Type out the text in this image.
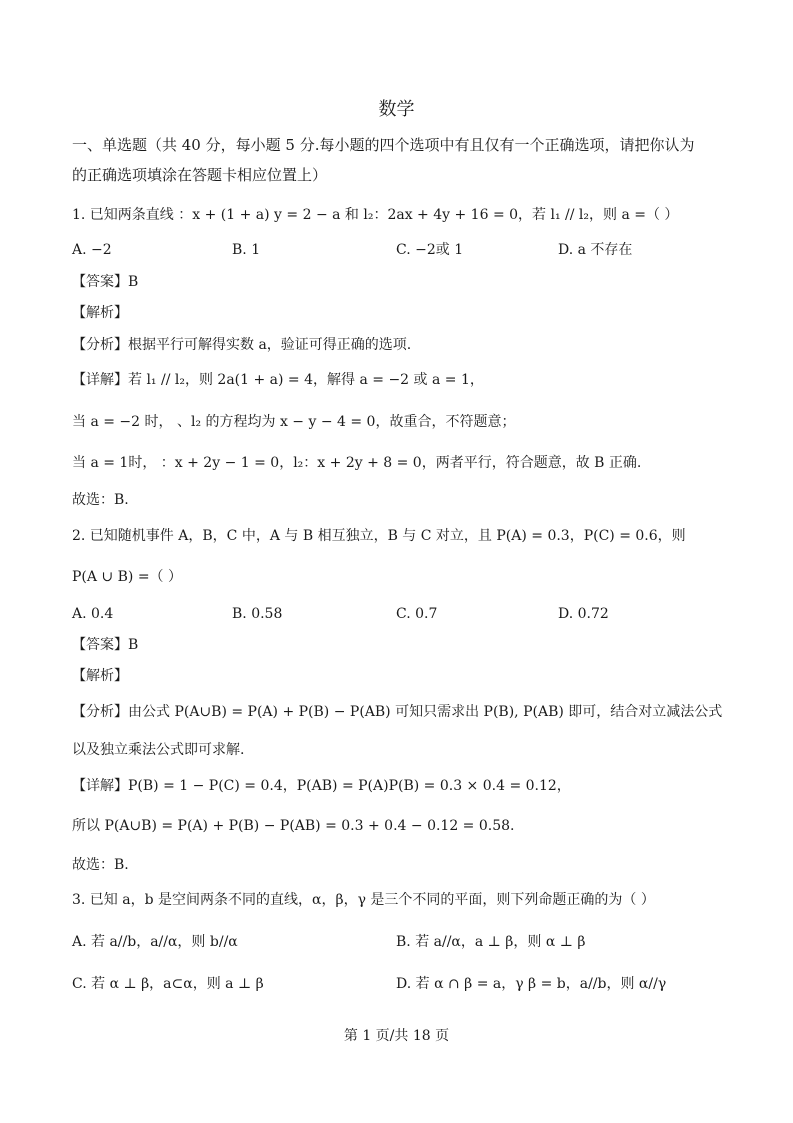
数学
一、单选题（共 40 分，每小题 5 分.每小题的四个选项中有且仅有一个正确选项，请把你认为
的正确选项填涂在答题卡相应位置上）
1. 已知两条直线 ：x + (1 + a) y = 2 − a 和 l₂：2ax + 4y + 16 = 0，若 l₁ // l₂，则 a =（ ）
A. −2	B. 1	C. −2或 1	D. a 不存在
【答案】B
【解析】
【分析】根据平行可解得实数 a，验证可得正确的选项.
【详解】若 l₁ // l₂，则 2a(1 + a) = 4，解得 a = −2 或 a = 1，
当 a = −2 时， 、l₂ 的方程均为 x − y − 4 = 0，故重合，不符题意；
当 a = 1时， ：x + 2y − 1 = 0，l₂：x + 2y + 8 = 0，两者平行，符合题意，故 B 正确.
故选：B.
2. 已知随机事件 A，B，C 中，A 与 B 相互独立，B 与 C 对立，且 P(A) = 0.3，P(C) = 0.6，则
P(A ∪ B) =（ ）
A. 0.4	B. 0.58	C. 0.7	D. 0.72
【答案】B
【解析】
【分析】由公式 P(A∪B) = P(A) + P(B) − P(AB) 可知只需求出 P(B), P(AB) 即可，结合对立减法公式
以及独立乘法公式即可求解.
【详解】P(B) = 1 − P(C) = 0.4，P(AB) = P(A)P(B) = 0.3 × 0.4 = 0.12，
所以 P(A∪B) = P(A) + P(B) − P(AB) = 0.3 + 0.4 − 0.12 = 0.58.
故选：B.
3. 已知 a，b 是空间两条不同的直线，α，β，γ 是三个不同的平面，则下列命题正确的为（ ）
A. 若 a//b，a//α，则 b//α	B. 若 a//α，a ⊥ β，则 α ⊥ β
C. 若 α ⊥ β，a⊂α，则 a ⊥ β	D. 若 α ∩ β = a，γ β = b，a//b，则 α//γ
第 1 页/共 18 页
